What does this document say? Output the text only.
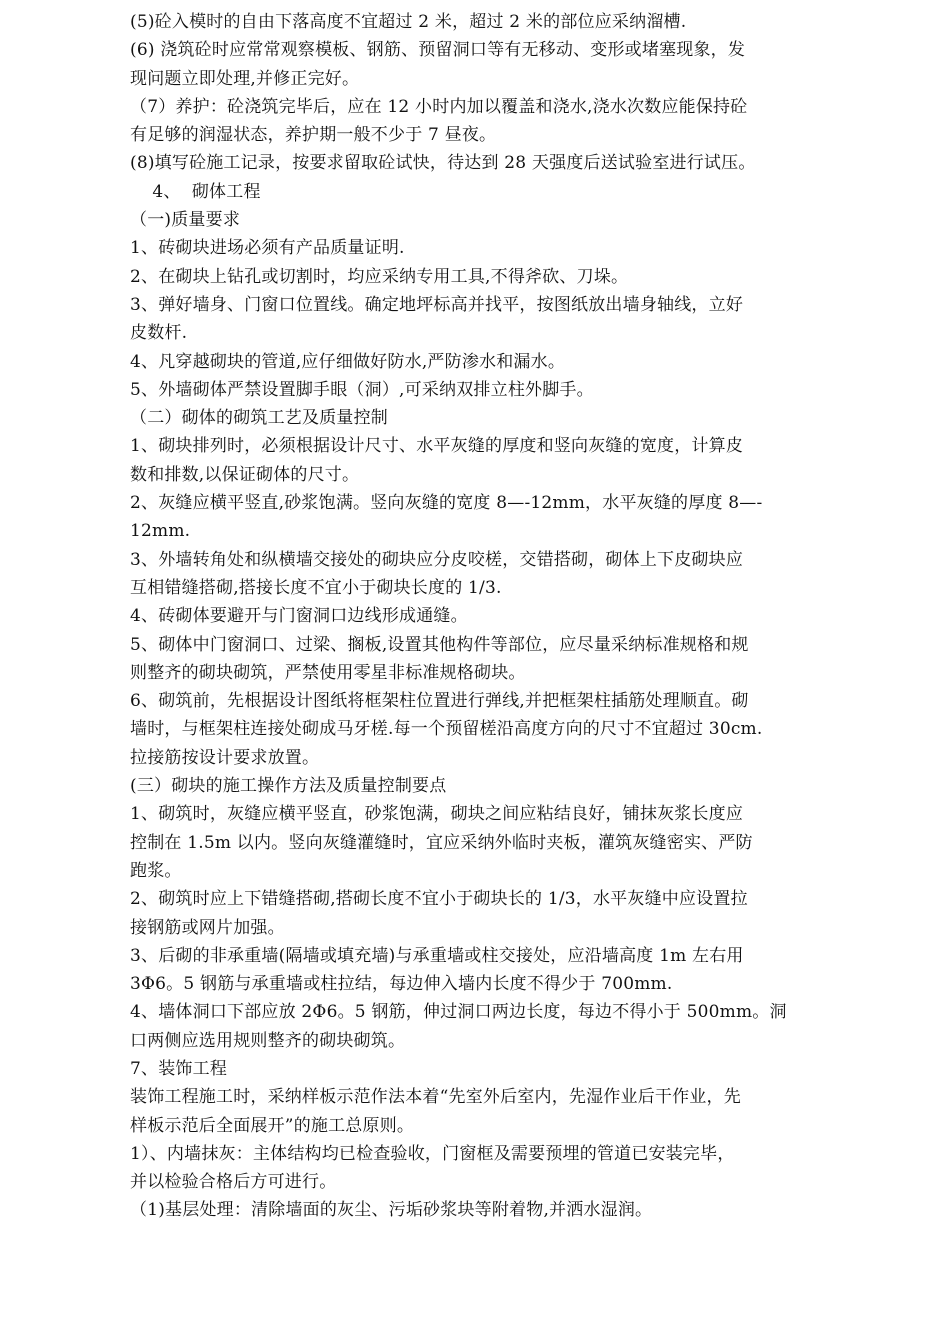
(5)砼入模时的自由下落高度不宜超过 2 米，超过 2 米的部位应采纳溜槽.
(6) 浇筑砼时应常常观察模板、钢筋、预留洞口等有无移动、变形或堵塞现象，发
现问题立即处理,并修正完好。
（7）养护：砼浇筑完毕后，应在 12 小时内加以覆盖和浇水,浇水次数应能保持砼
有足够的润湿状态，养护期一般不少于 7 昼夜。
(8)填写砼施工记录，按要求留取砼试快，待达到 28 天强度后送试验室进行试压。
4、  砌体工程
（一)质量要求
1、砖砌块进场必须有产品质量证明.
2、在砌块上钻孔或切割时，均应采纳专用工具,不得斧砍、刀垛。
3、弹好墙身、门窗口位置线。确定地坪标高并找平，按图纸放出墙身轴线，立好
皮数杆.
4、凡穿越砌块的管道,应仔细做好防水,严防渗水和漏水。
5、外墙砌体严禁设置脚手眼（洞）,可采纳双排立柱外脚手。
（二）砌体的砌筑工艺及质量控制
1、砌块排列时，必须根据设计尺寸、水平灰缝的厚度和竖向灰缝的宽度，计算皮
数和排数,以保证砌体的尺寸。
2、灰缝应横平竖直,砂浆饱满。竖向灰缝的宽度 8—-12mm，水平灰缝的厚度 8—-
12mm.
3、外墙转角处和纵横墙交接处的砌块应分皮咬槎，交错搭砌，砌体上下皮砌块应
互相错缝搭砌,搭接长度不宜小于砌块长度的 1/3.
4、砖砌体要避开与门窗洞口边线形成通缝。
5、砌体中门窗洞口、过梁、搁板,设置其他构件等部位，应尽量采纳标准规格和规
则整齐的砌块砌筑，严禁使用零星非标准规格砌块。
6、砌筑前，先根据设计图纸将框架柱位置进行弹线,并把框架柱插筋处理顺直。砌
墙时，与框架柱连接处砌成马牙槎.每一个预留槎沿高度方向的尺寸不宜超过 30cm.
拉接筋按设计要求放置。
(三）砌块的施工操作方法及质量控制要点
1、砌筑时，灰缝应横平竖直，砂浆饱满，砌块之间应粘结良好，铺抹灰浆长度应
控制在 1.5m 以内。竖向灰缝灌缝时，宜应采纳外临时夹板，灌筑灰缝密实、严防
跑浆。
2、砌筑时应上下错缝搭砌,搭砌长度不宜小于砌块长的 1/3，水平灰缝中应设置拉
接钢筋或网片加强。
3、后砌的非承重墙(隔墙或填充墙)与承重墙或柱交接处，应沿墙高度 1m 左右用
3Φ6。5 钢筋与承重墙或柱拉结，每边伸入墙内长度不得少于 700mm.
4、墙体洞口下部应放 2Φ6。5 钢筋，伸过洞口两边长度，每边不得小于 500mm。洞
口两侧应选用规则整齐的砌块砌筑。
7、装饰工程
装饰工程施工时，采纳样板示范作法本着“先室外后室内，先湿作业后干作业，先
样板示范后全面展开”的施工总原则。
1）、内墙抹灰：主体结构均已检查验收，门窗框及需要预埋的管道已安装完毕，
并以检验合格后方可进行。
（1)基层处理：清除墙面的灰尘、污垢砂浆块等附着物,并洒水湿润。
